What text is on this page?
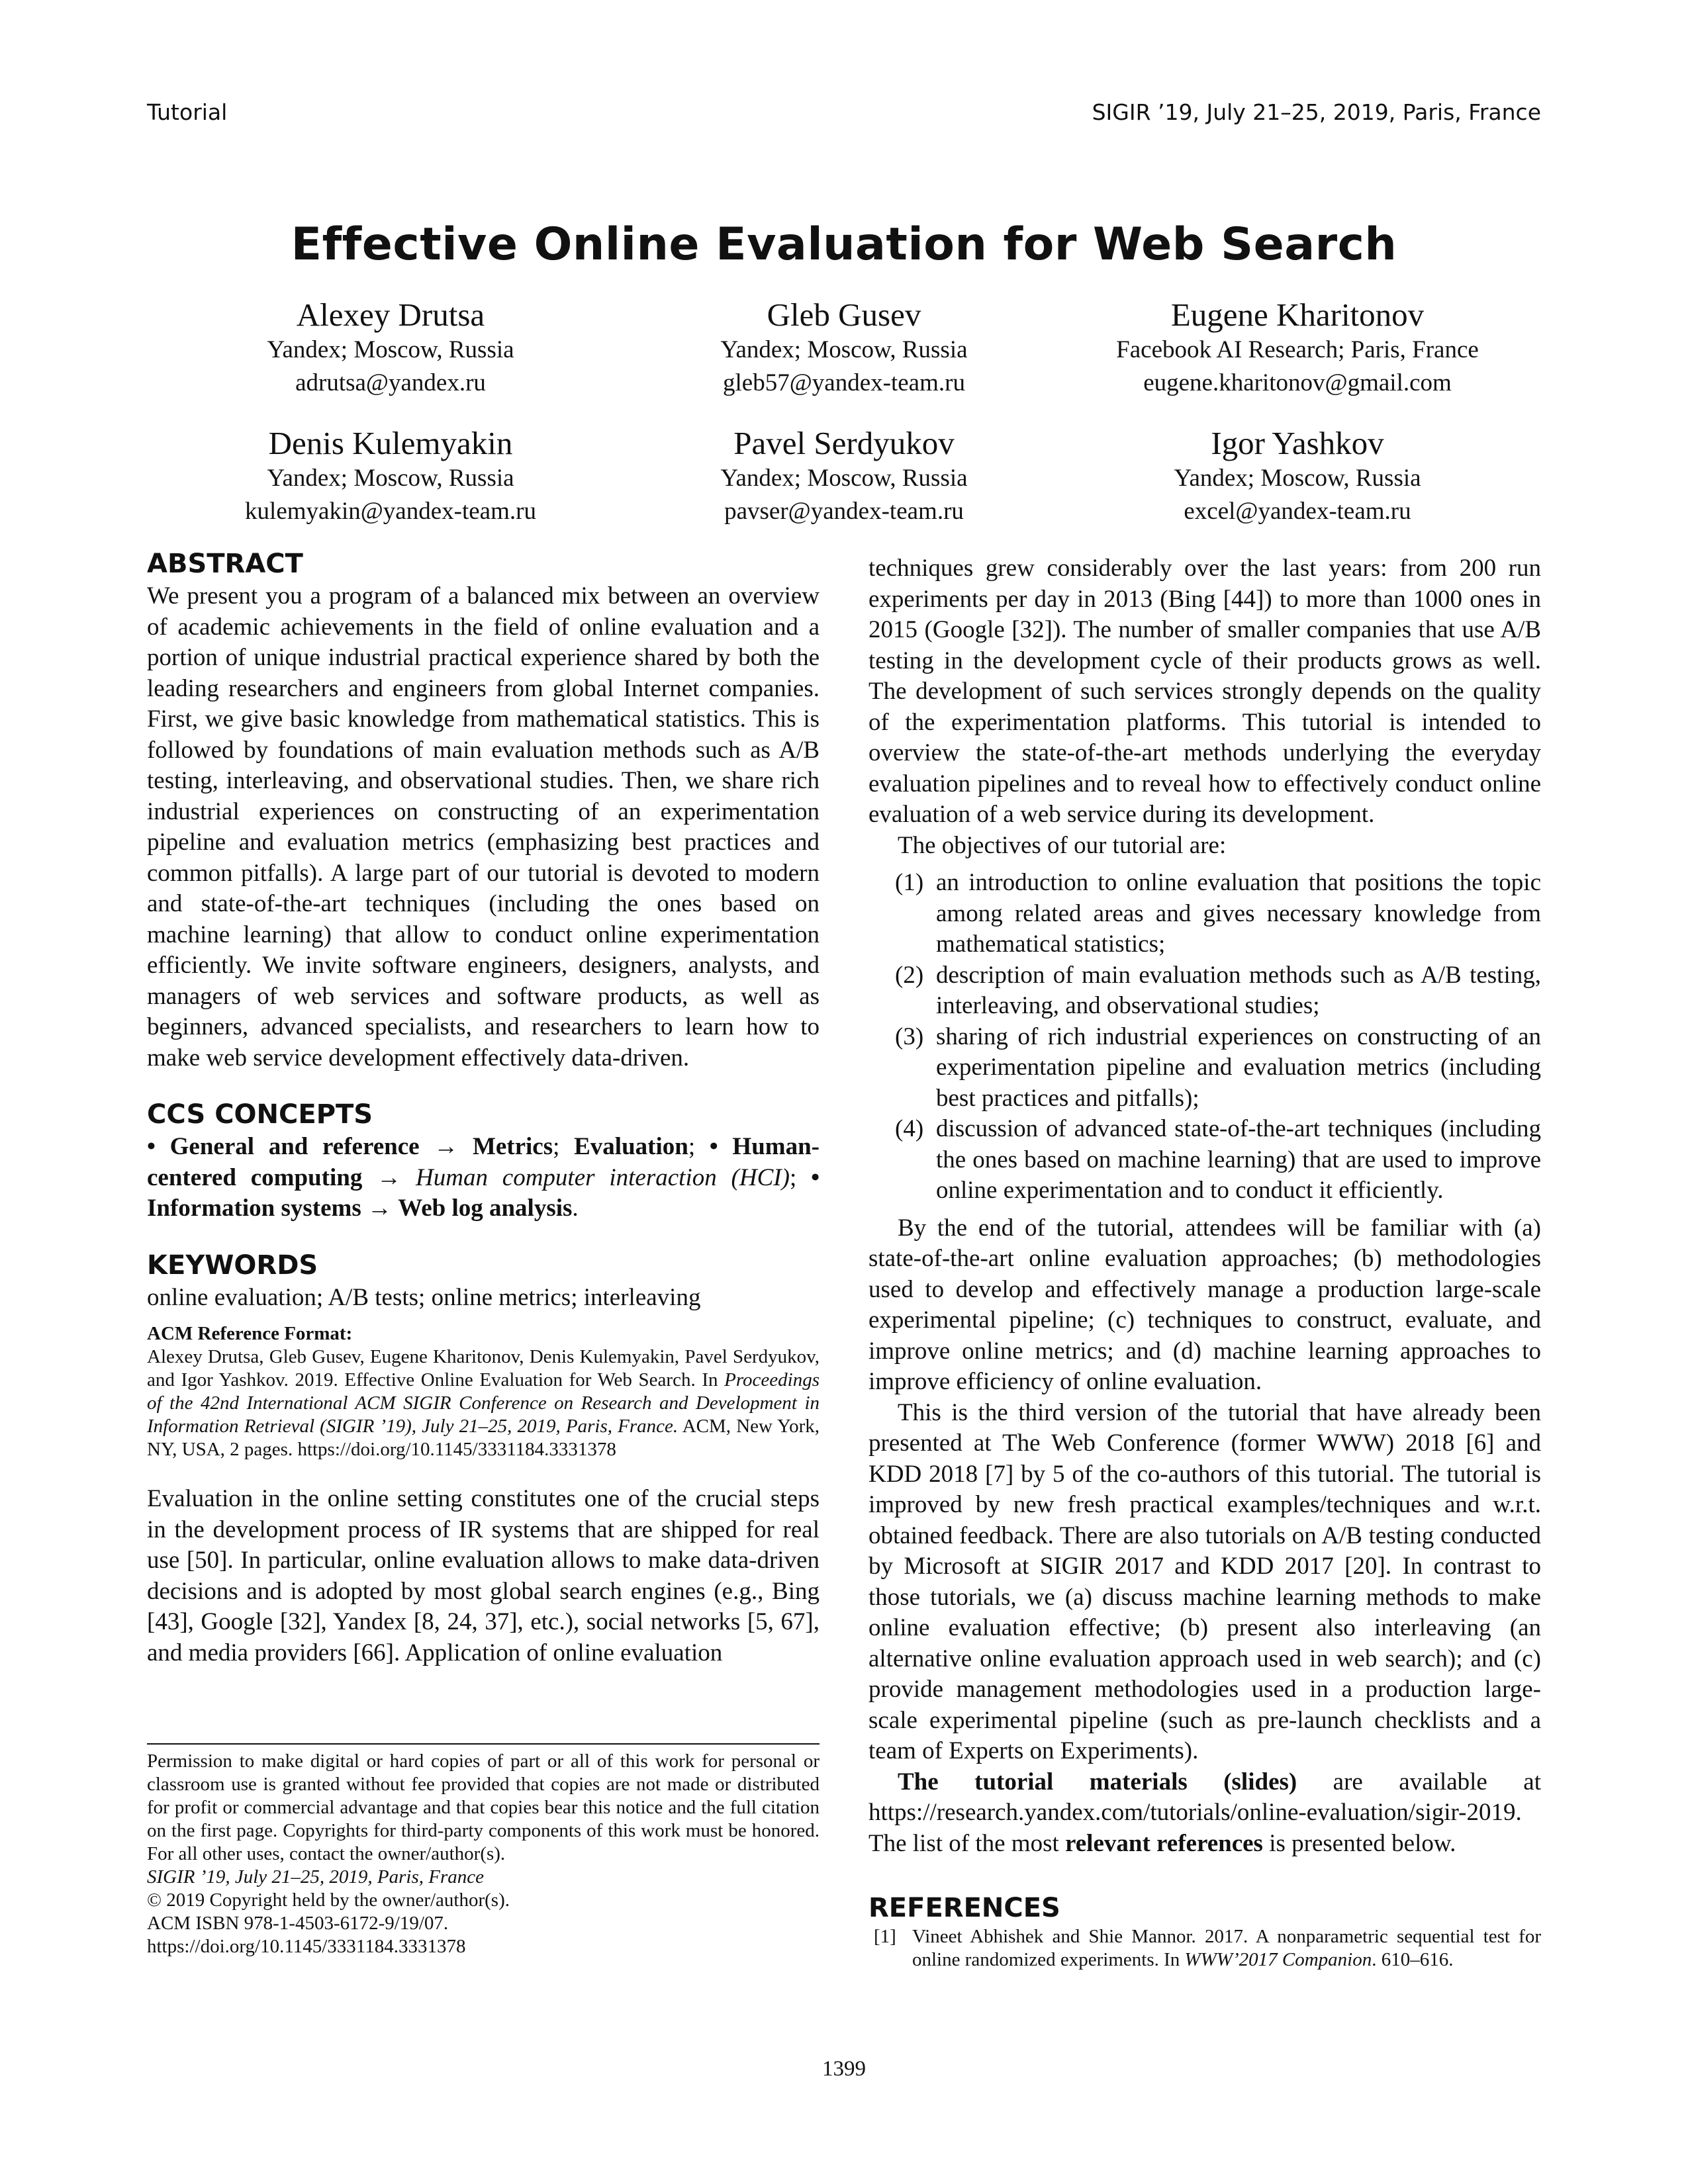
Tutorial	SIGIR ’19, July 21–25, 2019, Paris, France
Effective Online Evaluation for Web Search
Alexey Drutsa
Yandex; Moscow, Russia
adrutsa@yandex.ru
Gleb Gusev
Yandex; Moscow, Russia
gleb57@yandex-team.ru
Eugene Kharitonov
Facebook AI Research; Paris, France
eugene.kharitonov@gmail.com
Denis Kulemyakin
Yandex; Moscow, Russia
kulemyakin@yandex-team.ru
Pavel Serdyukov
Yandex; Moscow, Russia
pavser@yandex-team.ru
Igor Yashkov
Yandex; Moscow, Russia
excel@yandex-team.ru
ABSTRACT

We present you a program of a balanced mix between an overview of academic achievements in the field of online evaluation and a portion of unique industrial practical experience shared by both the leading researchers and engineers from global Internet companies. First, we give basic knowledge from mathematical statistics. This is followed by foundations of main evaluation methods such as A/B testing, interleaving, and observational studies. Then, we share rich industrial experiences on constructing of an experimentation pipeline and evaluation metrics (emphasizing best practices and common pitfalls). A large part of our tutorial is devoted to modern and state-of-the-art techniques (including the ones based on machine learning) that allow to conduct online experimentation efficiently. We invite software engineers, designers, analysts, and managers of web services and software products, as well as beginners, advanced specialists, and researchers to learn how to make web service development effectively data-driven.

CCS CONCEPTS

• General and reference → Metrics; Evaluation; • Human-centered computing → Human computer interaction (HCI); • Information systems → Web log analysis.

KEYWORDS

online evaluation; A/B tests; online metrics; interleaving

ACM Reference Format:
Alexey Drutsa, Gleb Gusev, Eugene Kharitonov, Denis Kulemyakin, Pavel Serdyukov, and Igor Yashkov. 2019. Effective Online Evaluation for Web Search. In Proceedings of the 42nd International ACM SIGIR Conference on Research and Development in Information Retrieval (SIGIR ’19), July 21–25, 2019, Paris, France. ACM, New York, NY, USA, 2 pages. https://doi.org/10.1145/3331184.3331378

Evaluation in the online setting constitutes one of the crucial steps in the development process of IR systems that are shipped for real use [50]. In particular, online evaluation allows to make data-driven decisions and is adopted by most global search engines (e.g., Bing [43], Google [32], Yandex [8, 24, 37], etc.), social networks [5, 67], and media providers [66]. Application of online evaluation

Permission to make digital or hard copies of part or all of this work for personal or classroom use is granted without fee provided that copies are not made or distributed for profit or commercial advantage and that copies bear this notice and the full citation on the first page. Copyrights for third-party components of this work must be honored. For all other uses, contact the owner/author(s).
SIGIR ’19, July 21–25, 2019, Paris, France
© 2019 Copyright held by the owner/author(s).
ACM ISBN 978-1-4503-6172-9/19/07.
https://doi.org/10.1145/3331184.3331378

techniques grew considerably over the last years: from 200 run experiments per day in 2013 (Bing [44]) to more than 1000 ones in 2015 (Google [32]). The number of smaller companies that use A/B testing in the development cycle of their products grows as well. The development of such services strongly depends on the quality of the experimentation platforms. This tutorial is intended to overview the state-of-the-art methods underlying the everyday evaluation pipelines and to reveal how to effectively conduct online evaluation of a web service during its development.

The objectives of our tutorial are:

(1) an introduction to online evaluation that positions the topic among related areas and gives necessary knowledge from mathematical statistics;
(2) description of main evaluation methods such as A/B testing, interleaving, and observational studies;
(3) sharing of rich industrial experiences on constructing of an experimentation pipeline and evaluation metrics (including best practices and pitfalls);
(4) discussion of advanced state-of-the-art techniques (including the ones based on machine learning) that are used to improve online experimentation and to conduct it efficiently.

By the end of the tutorial, attendees will be familiar with (a) state-of-the-art online evaluation approaches; (b) methodologies used to develop and effectively manage a production large-scale experimental pipeline; (c) techniques to construct, evaluate, and improve online metrics; and (d) machine learning approaches to improve efficiency of online evaluation.

This is the third version of the tutorial that have already been presented at The Web Conference (former WWW) 2018 [6] and KDD 2018 [7] by 5 of the co-authors of this tutorial. The tutorial is improved by new fresh practical examples/techniques and w.r.t. obtained feedback. There are also tutorials on A/B testing conducted by Microsoft at SIGIR 2017 and KDD 2017 [20]. In contrast to those tutorials, we (a) discuss machine learning methods to make online evaluation effective; (b) present also interleaving (an alternative online evaluation approach used in web search); and (c) provide management methodologies used in a production large-scale experimental pipeline (such as pre-launch checklists and a team of Experts on Experiments).

The tutorial materials (slides) are available at https://research.yandex.com/tutorials/online-evaluation/sigir-2019. The list of the most relevant references is presented below.

REFERENCES
[1] Vineet Abhishek and Shie Mannor. 2017. A nonparametric sequential test for online randomized experiments. In WWW’2017 Companion. 610–616.
1399
